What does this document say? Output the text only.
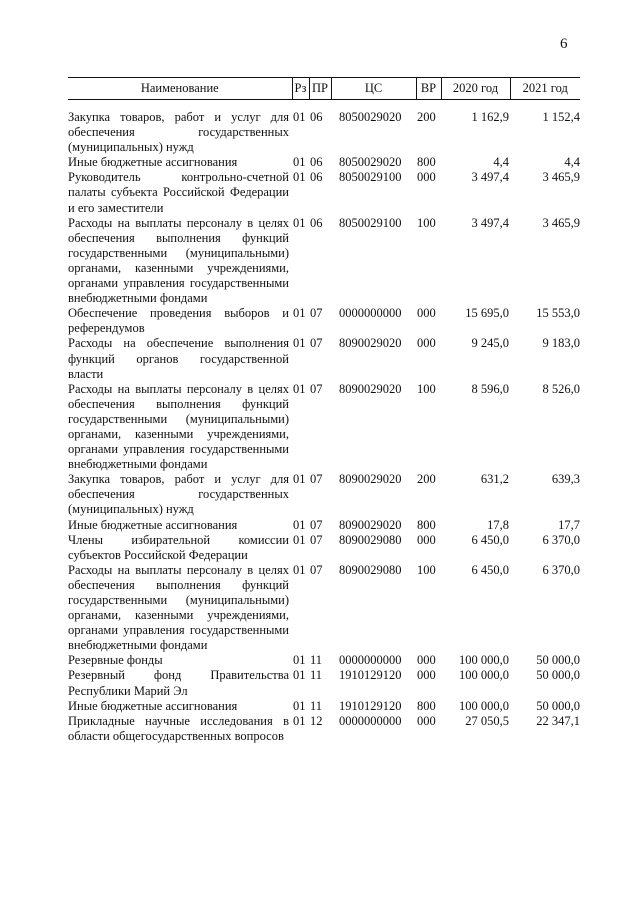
6
Наименование	Рз	ПР	ЦС	ВР	2020 год	2021 год

Закупка товаров, работ и услуг для обеспечения государственных (муниципальных) нужд	01	06	8050029020	200	1 162,9	1 152,4
Иные бюджетные ассигнования	01	06	8050029020	800	4,4	4,4
Руководитель контрольно-счетной палаты субъекта Российской Федерации и его заместители	01	06	8050029100	000	3 497,4	3 465,9
Расходы на выплаты персоналу в целях обеспечения выполнения функций государственными (муниципальными) органами, казенными учреждениями, органами управления государственными внебюджетными фондами	01	06	8050029100	100	3 497,4	3 465,9
Обеспечение проведения выборов и референдумов	01	07	0000000000	000	15 695,0	15 553,0
Расходы на обеспечение выполнения функций органов государственной власти	01	07	8090029020	000	9 245,0	9 183,0
Расходы на выплаты персоналу в целях обеспечения выполнения функций государственными (муниципальными) органами, казенными учреждениями, органами управления государственными внебюджетными фондами	01	07	8090029020	100	8 596,0	8 526,0
Закупка товаров, работ и услуг для обеспечения государственных (муниципальных) нужд	01	07	8090029020	200	631,2	639,3
Иные бюджетные ассигнования	01	07	8090029020	800	17,8	17,7
Члены избирательной комиссии субъектов Российской Федерации	01	07	8090029080	000	6 450,0	6 370,0
Расходы на выплаты персоналу в целях обеспечения выполнения функций государственными (муниципальными) органами, казенными учреждениями, органами управления государственными внебюджетными фондами	01	07	8090029080	100	6 450,0	6 370,0
Резервные фонды	01	11	0000000000	000	100 000,0	50 000,0
Резервный фонд Правительства Республики Марий Эл	01	11	1910129120	000	100 000,0	50 000,0
Иные бюджетные ассигнования	01	11	1910129120	800	100 000,0	50 000,0
Прикладные научные исследования в области общегосударственных вопросов	01	12	0000000000	000	27 050,5	22 347,1
